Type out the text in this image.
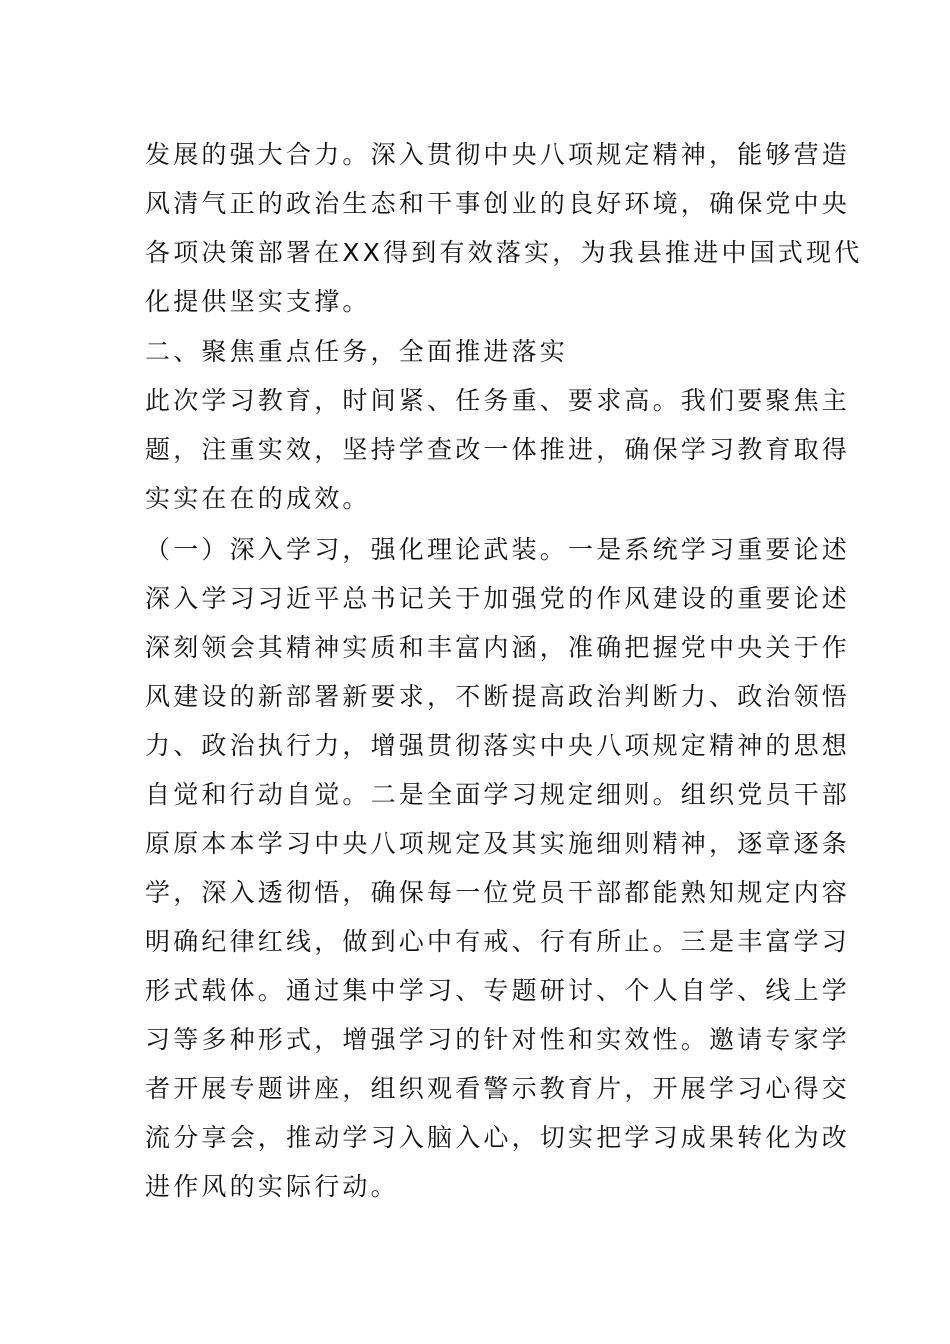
发展的强大合力。深入贯彻中央八项规定精神，能够营造
风清气正的政治生态和干事创业的良好环境，确保党中央
各项决策部署在XX得到有效落实，为我县推进中国式现代
化提供坚实支撑。
二、聚焦重点任务，全面推进落实
此次学习教育，时间紧、任务重、要求高。我们要聚焦主
题，注重实效，坚持学查改一体推进，确保学习教育取得
实实在在的成效。
（一）深入学习，强化理论武装。一是系统学习重要论述
深入学习习近平总书记关于加强党的作风建设的重要论述
深刻领会其精神实质和丰富内涵，准确把握党中央关于作
风建设的新部署新要求，不断提高政治判断力、政治领悟
力、政治执行力，增强贯彻落实中央八项规定精神的思想
自觉和行动自觉。二是全面学习规定细则。组织党员干部
原原本本学习中央八项规定及其实施细则精神，逐章逐条
学，深入透彻悟，确保每一位党员干部都能熟知规定内容
明确纪律红线，做到心中有戒、行有所止。三是丰富学习
形式载体。通过集中学习、专题研讨、个人自学、线上学
习等多种形式，增强学习的针对性和实效性。邀请专家学
者开展专题讲座，组织观看警示教育片，开展学习心得交
流分享会，推动学习入脑入心，切实把学习成果转化为改
进作风的实际行动。
